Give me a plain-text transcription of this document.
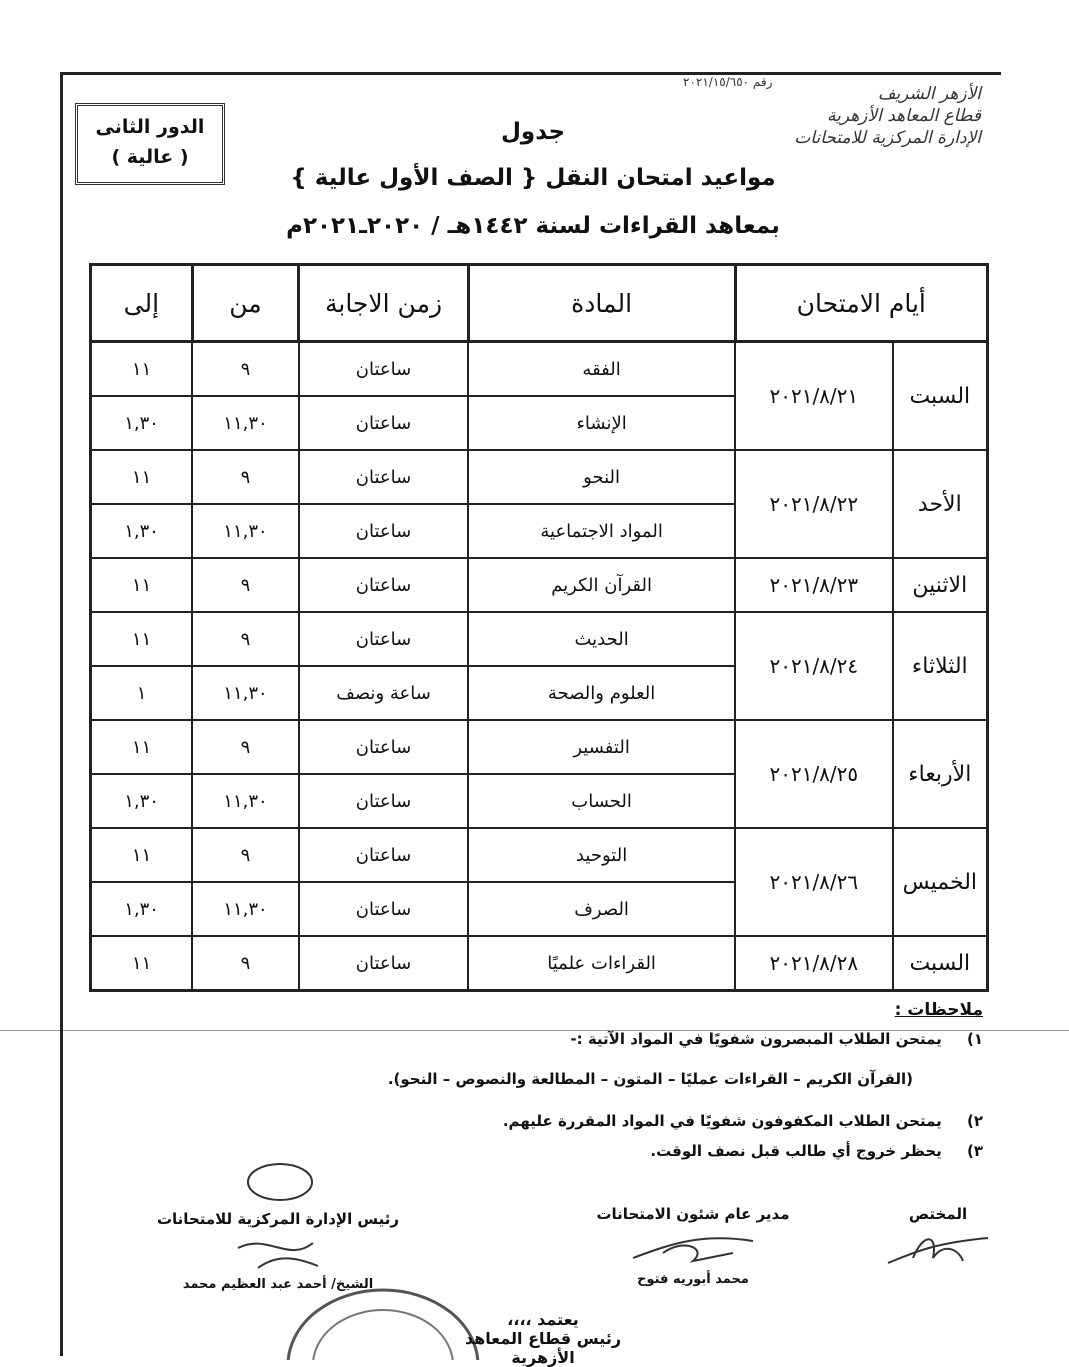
رقم ٢٠٢١/١٥/٦٥٠
الأزهر الشريف
قطاع المعاهد الأزهرية
الإدارة المركزية للامتحانات
الدور الثانى
( عالية )
جدول
مواعيد امتحان النقل { الصف الأول عالية }
بمعاهد القراءات لسنة ١٤٤٢هـ / ٢٠٢٠ـ٢٠٢١م
أيام الامتحان		المادة	زمن الاجابة	من	إلى
السبت	٢٠٢١/٨/٢١	الفقه	ساعتان	٩	١١
		الإنشاء	ساعتان	١١,٣٠	١,٣٠
الأحد	٢٠٢١/٨/٢٢	النحو	ساعتان	٩	١١
		المواد الاجتماعية	ساعتان	١١,٣٠	١,٣٠
الاثنين	٢٠٢١/٨/٢٣	القرآن الكريم	ساعتان	٩	١١
الثلاثاء	٢٠٢١/٨/٢٤	الحديث	ساعتان	٩	١١
		العلوم والصحة	ساعة ونصف	١١,٣٠	١
الأربعاء	٢٠٢١/٨/٢٥	التفسير	ساعتان	٩	١١
		الحساب	ساعتان	١١,٣٠	١,٣٠
الخميس	٢٠٢١/٨/٢٦	التوحيد	ساعتان	٩	١١
		الصرف	ساعتان	١١,٣٠	١,٣٠
السبت	٢٠٢١/٨/٢٨	القراءات علميًا	ساعتان	٩	١١
ملاحظات :
١) يمتحن الطلاب المبصرون شفويًا في المواد الآتية :-
(القرآن الكريم – القراءات عمليًا – المتون – المطالعة والنصوص – النحو).
٢) يمتحن الطلاب المكفوفون شفويًا في المواد المقررة عليهم.
٣) يحظر خروج أي طالب قبل نصف الوقت.
المختص
مدير عام شئون الامتحانات
محمد أبوريه فتوح
رئيس الإدارة المركزية للامتحانات
الشيخ/ أحمد عبد العظيم محمد
يعتمد ،،،،
رئيس قطاع المعاهد الأزهرية
